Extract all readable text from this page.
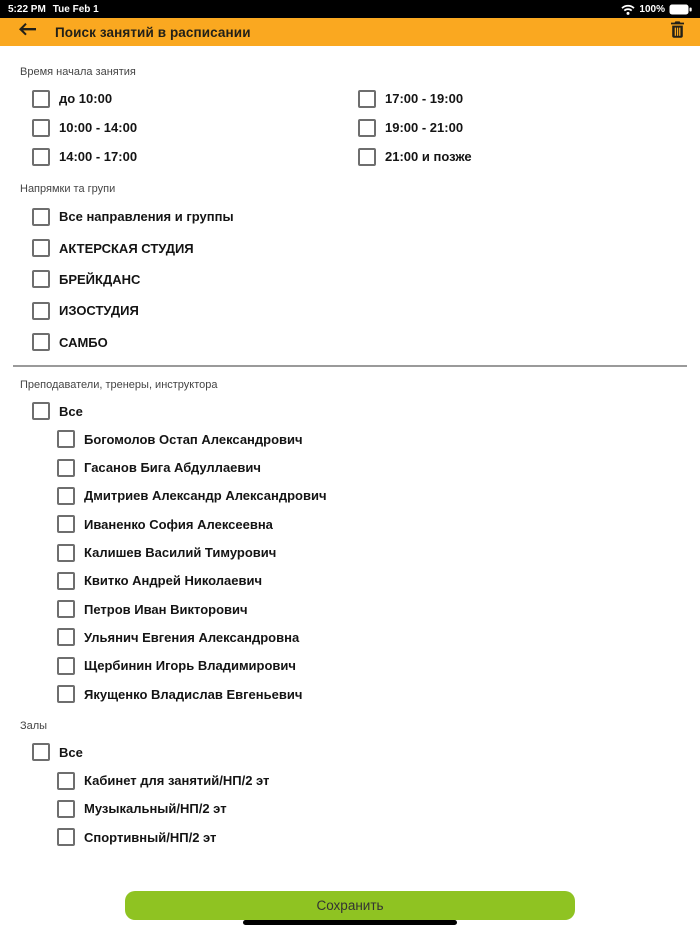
5:22 PM Tue Feb 1	100%
Поиск занятий в расписании
Время начала занятия
до 10:00	17:00 - 19:00
10:00 - 14:00	19:00 - 21:00
14:00 - 17:00	21:00 и позже
Напрямки та групи
Все направления и группы
АКТЕРСКАЯ СТУДИЯ
БРЕЙКДАНС
ИЗОСТУДИЯ
САМБО
Преподаватели, тренеры, инструктора
Все
Богомолов Остап Александрович
Гасанов Бига Абдуллаевич
Дмитриев Александр Александрович
Иваненко София Алексеевна
Калишев Василий Тимурович
Квитко Андрей Николаевич
Петров Иван Викторович
Ульянич Евгения Александровна
Щербинин Игорь Владимирович
Якущенко Владислав Евгеньевич
Залы
Все
Кабинет для занятий/НП/2 эт
Музыкальный/НП/2 эт
Спортивный/НП/2 эт
Сохранить
